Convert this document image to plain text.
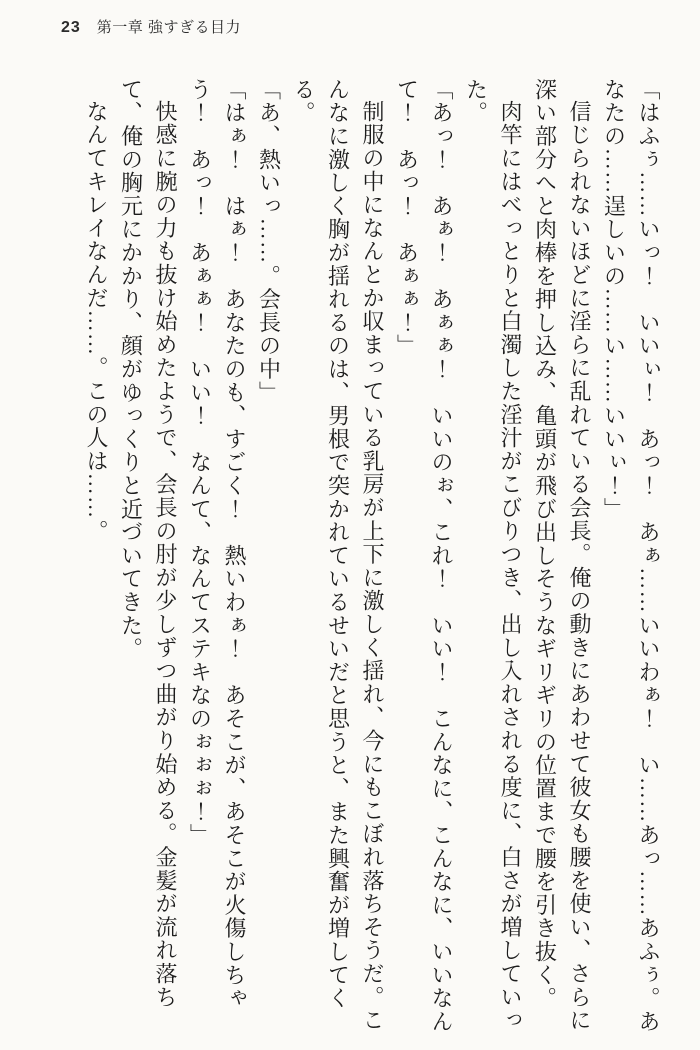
23 第一章 強すぎる目力

「はふぅ……いっ！　いいぃ！　あっ！　あぁ……いいわぁ！　い……あっ……あふぅ。あなたの……逞しいの……い……いいぃ！」

信じられないほどに淫らに乱れている会長。俺の動きにあわせて彼女も腰を使い、さらに深い部分へと肉棒を押し込み、亀頭が飛び出しそうなギリギリの位置まで腰を引き抜く。

肉竿にはべっとりと白濁した淫汁がこびりつき、出し入れされる度に、白さが増していった。

「あっ！　あぁ！　あぁぁ！　いいのぉ、これ！　いい！　こんなに、こんなに、いいなんて！　あっ！　あぁぁ！」

制服の中になんとか収まっている乳房が上下に激しく揺れ、今にもこぼれ落ちそうだ。こんなに激しく胸が揺れるのは、男根で突かれているせいだと思うと、また興奮が増してくる。

「あ、熱いっ……。会長の中」

「はぁ！　はぁ！　あなたのも、すごく！　熱いわぁ！　あそこが、あそこが火傷しちゃう！　あっ！　あぁぁ！　いい！　なんて、なんてステキなのぉぉぉ！」

快感に腕の力も抜け始めたようで、会長の肘が少しずつ曲がり始める。金髪が流れ落ちて、俺の胸元にかかり、顔がゆっくりと近づいてきた。

なんてキレイなんだ……。この人は……。
